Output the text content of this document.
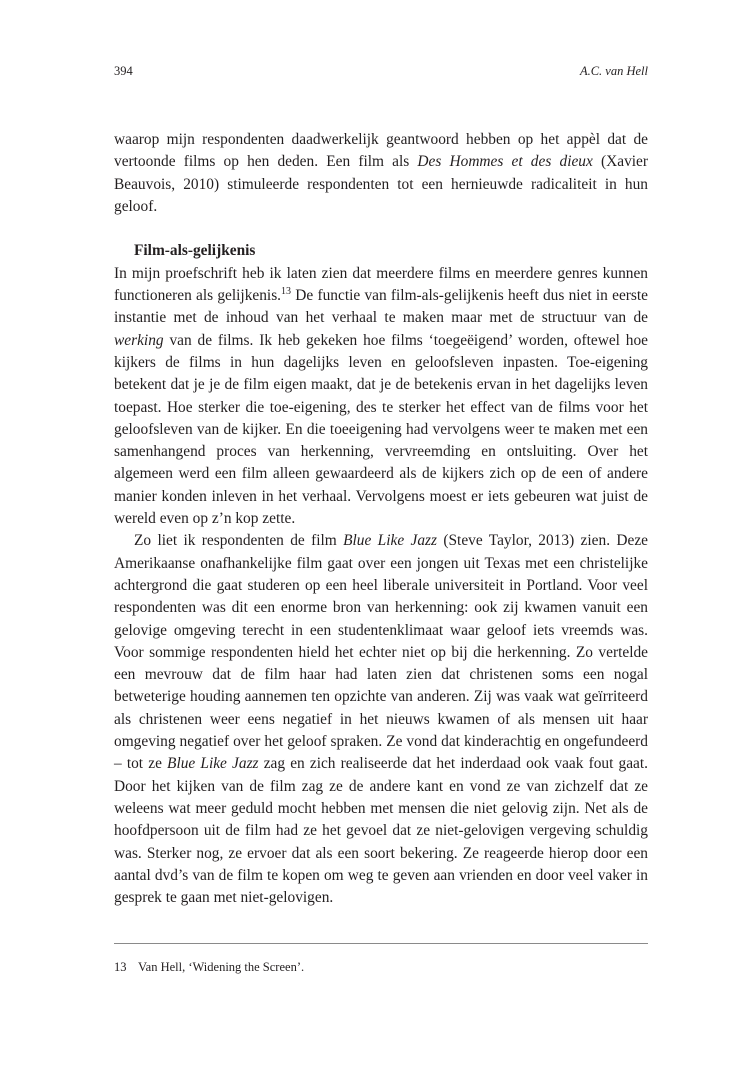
394	A.C. van Hell

waarop mijn respondenten daadwerkelijk geantwoord hebben op het appèl dat de vertoonde films op hen deden. Een film als Des Hommes et des dieux (Xavier Beauvois, 2010) stimuleerde respondenten tot een hernieuwde radicaliteit in hun geloof.

Film-als-gelijkenis

In mijn proefschrift heb ik laten zien dat meerdere films en meerdere genres kunnen functioneren als gelijkenis.$^{13}$ De functie van film-als-gelijkenis heeft dus niet in eerste instantie met de inhoud van het verhaal te maken maar met de structuur van de werking van de films. Ik heb gekeken hoe films ‘toegeëigend’ worden, oftewel hoe kijkers de films in hun dagelijks leven en geloofsleven inpasten. Toe-eigening betekent dat je je de film eigen maakt, dat je de betekenis ervan in het dagelijks leven toepast. Hoe sterker die toe-eigening, des te sterker het effect van de films voor het geloofsleven van de kijker. En die toeeigening had vervolgens weer te maken met een samenhangend proces van herkenning, vervreemding en ontsluiting. Over het algemeen werd een film alleen gewaardeerd als de kijkers zich op de een of andere manier konden inleven in het verhaal. Vervolgens moest er iets gebeuren wat juist de wereld even op z’n kop zette.

Zo liet ik respondenten de film Blue Like Jazz (Steve Taylor, 2013) zien. Deze Amerikaanse onafhankelijke film gaat over een jongen uit Texas met een christelijke achtergrond die gaat studeren op een heel liberale universiteit in Portland. Voor veel respondenten was dit een enorme bron van herkenning: ook zij kwamen vanuit een gelovige omgeving terecht in een studentenklimaat waar geloof iets vreemds was. Voor sommige respondenten hield het echter niet op bij die herkenning. Zo vertelde een mevrouw dat de film haar had laten zien dat christenen soms een nogal betweterige houding aannemen ten opzichte van anderen. Zij was vaak wat geïrriteerd als christenen weer eens negatief in het nieuws kwamen of als mensen uit haar omgeving negatief over het geloof spraken. Ze vond dat kinderachtig en ongefundeerd – tot ze Blue Like Jazz zag en zich realiseerde dat het inderdaad ook vaak fout gaat. Door het kijken van de film zag ze de andere kant en vond ze van zichzelf dat ze weleens wat meer geduld mocht hebben met mensen die niet gelovig zijn. Net als de hoofdpersoon uit de film had ze het gevoel dat ze niet-gelovigen vergeving schuldig was. Sterker nog, ze ervoer dat als een soort bekering. Ze reageerde hierop door een aantal dvd’s van de film te kopen om weg te geven aan vrienden en door veel vaker in gesprek te gaan met niet-gelovigen.

13 Van Hell, ‘Widening the Screen’.
